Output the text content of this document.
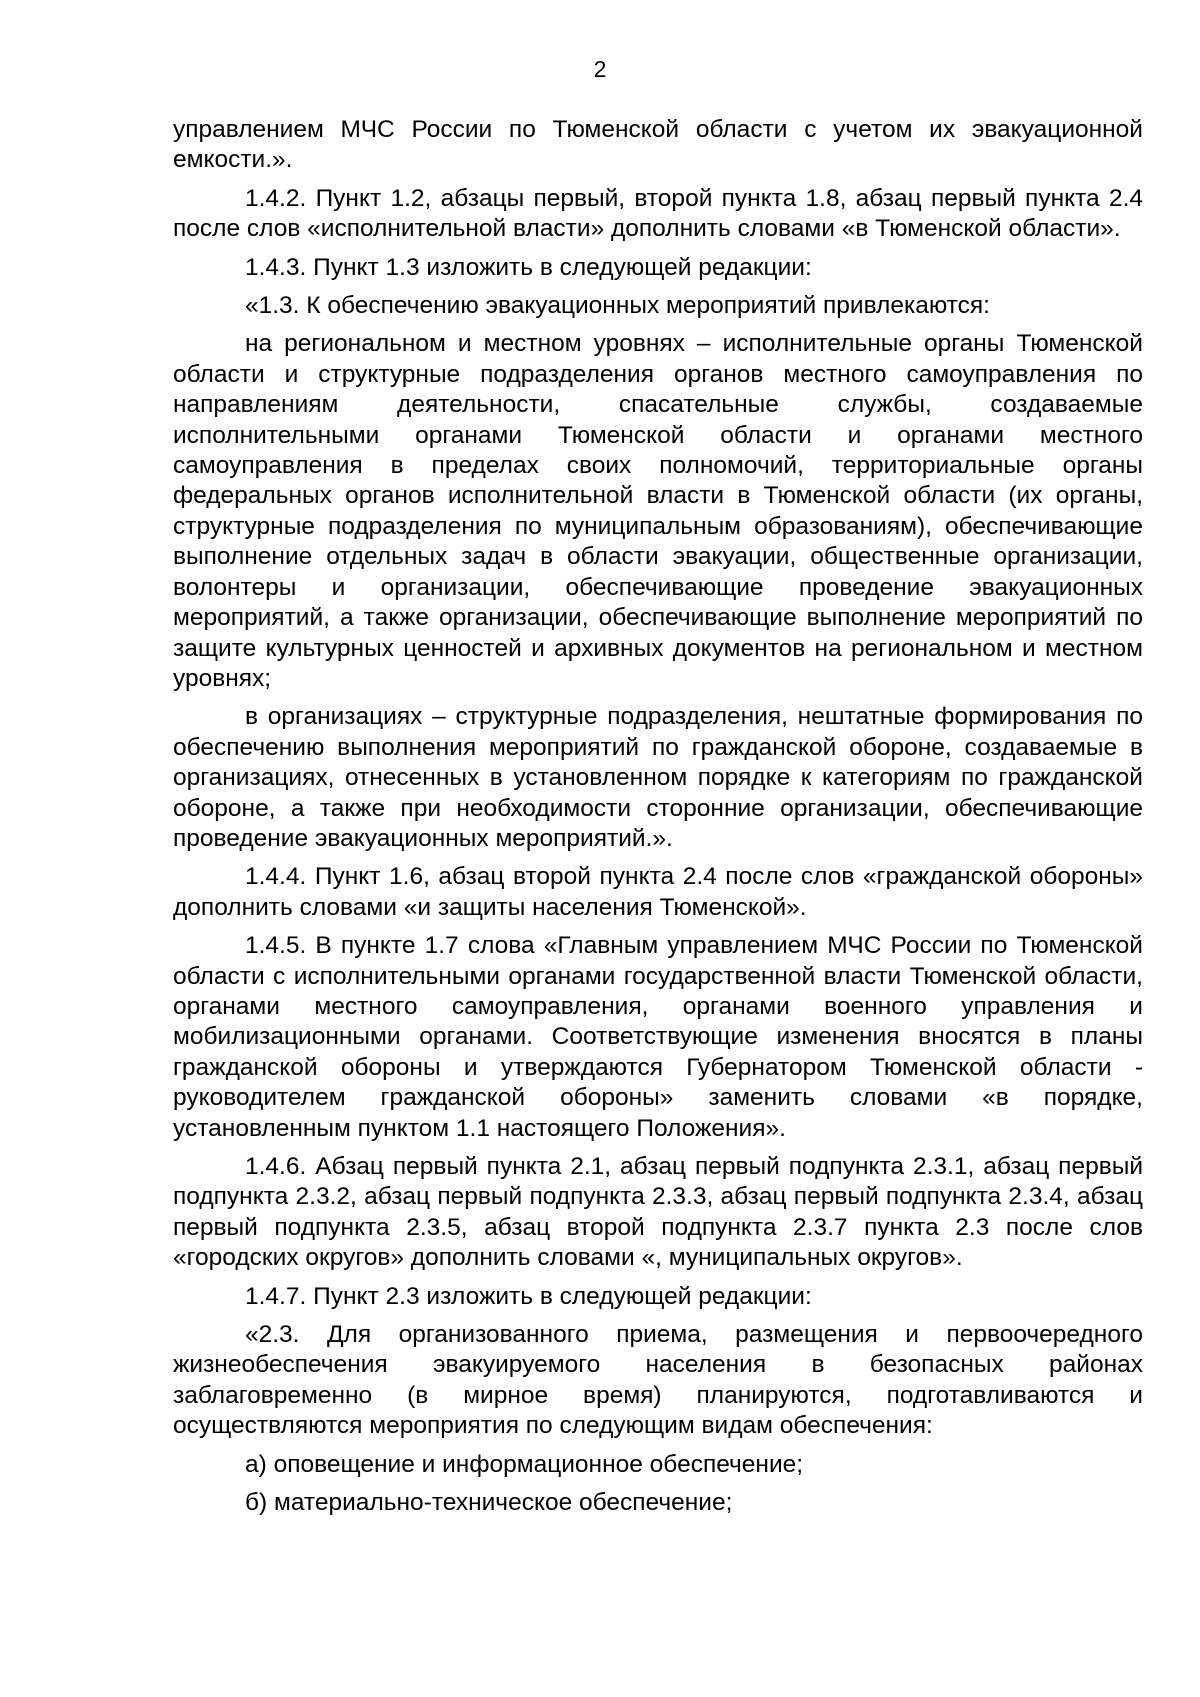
2

управлением МЧС России по Тюменской области с учетом их эвакуационной емкости.».

1.4.2. Пункт 1.2, абзацы первый, второй пункта 1.8, абзац первый пункта 2.4 после слов «исполнительной власти» дополнить словами «в Тюменской области».

1.4.3. Пункт 1.3 изложить в следующей редакции:

«1.3. К обеспечению эвакуационных мероприятий привлекаются:

на региональном и местном уровнях – исполнительные органы Тюменской области и структурные подразделения органов местного самоуправления по направлениям деятельности, спасательные службы, создаваемые исполнительными органами Тюменской области и органами местного самоуправления в пределах своих полномочий, территориальные органы федеральных органов исполнительной власти в Тюменской области (их органы, структурные подразделения по муниципальным образованиям), обеспечивающие выполнение отдельных задач в области эвакуации, общественные организации, волонтеры и организации, обеспечивающие проведение эвакуационных мероприятий, а также организации, обеспечивающие выполнение мероприятий по защите культурных ценностей и архивных документов на региональном и местном уровнях;

в организациях – структурные подразделения, нештатные формирования по обеспечению выполнения мероприятий по гражданской обороне, создаваемые в организациях, отнесенных в установленном порядке к категориям по гражданской обороне, а также при необходимости сторонние организации, обеспечивающие проведение эвакуационных мероприятий.».

1.4.4. Пункт 1.6, абзац второй пункта 2.4 после слов «гражданской обороны» дополнить словами «и защиты населения Тюменской».

1.4.5. В пункте 1.7 слова «Главным управлением МЧС России по Тюменской области с исполнительными органами государственной власти Тюменской области, органами местного самоуправления, органами военного управления и мобилизационными органами. Соответствующие изменения вносятся в планы гражданской обороны и утверждаются Губернатором Тюменской области - руководителем гражданской обороны» заменить словами «в порядке, установленным пунктом 1.1 настоящего Положения».

1.4.6. Абзац первый пункта 2.1, абзац первый подпункта 2.3.1, абзац первый подпункта 2.3.2, абзац первый подпункта 2.3.3, абзац первый подпункта 2.3.4, абзац первый подпункта 2.3.5, абзац второй подпункта 2.3.7 пункта 2.3 после слов «городских округов» дополнить словами «, муниципальных округов».

1.4.7. Пункт 2.3 изложить в следующей редакции:

«2.3. Для организованного приема, размещения и первоочередного жизнеобеспечения эвакуируемого населения в безопасных районах заблаговременно (в мирное время) планируются, подготавливаются и осуществляются мероприятия по следующим видам обеспечения:

а) оповещение и информационное обеспечение;

б) материально-техническое обеспечение;
